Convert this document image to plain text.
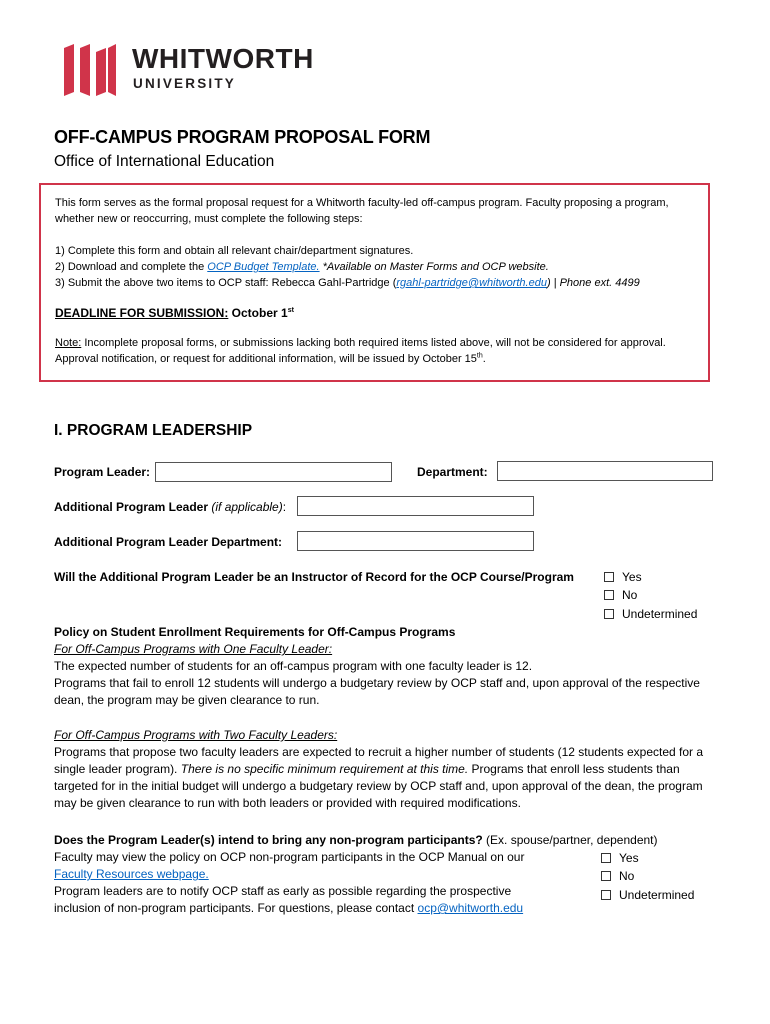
WHITWORTH
UNIVERSITY
OFF-CAMPUS PROGRAM PROPOSAL FORM
Office of International Education

This form serves as the formal proposal request for a Whitworth faculty-led off-campus program. Faculty proposing a program, whether new or reoccurring, must complete the following steps:

1) Complete this form and obtain all relevant chair/department signatures.

2) Download and complete the OCP Budget Template. *Available on Master Forms and OCP website.

3) Submit the above two items to OCP staff: Rebecca Gahl-Partridge (rgahl-partridge@whitworth.edu) | Phone ext. 4499

DEADLINE FOR SUBMISSION: October 1st

Note: Incomplete proposal forms, or submissions lacking both required items listed above, will not be considered for approval. Approval notification, or request for additional information, will be issued by October 15th.

I. PROGRAM LEADERSHIP
Program Leader:	Department:
Additional Program Leader (if applicable):
Additional Program Leader Department:
Will the Additional Program Leader be an Instructor of Record for the OCP Course/Program	Yes
No
Undetermined
Policy on Student Enrollment Requirements for Off-Campus Programs
For Off-Campus Programs with One Faculty Leader:
The expected number of students for an off-campus program with one faculty leader is 12.
Programs that fail to enroll 12 students will undergo a budgetary review by OCP staff and, upon approval of the respective dean, the program may be given clearance to run.
For Off-Campus Programs with Two Faculty Leaders:
Programs that propose two faculty leaders are expected to recruit a higher number of students (12 students expected for a single leader program). There is no specific minimum requirement at this time. Programs that enroll less students than targeted for in the initial budget will undergo a budgetary review by OCP staff and, upon approval of the dean, the program may be given clearance to run with both leaders or provided with required modifications.
Does the Program Leader(s) intend to bring any non-program participants? (Ex. spouse/partner, dependent)
Faculty may view the policy on OCP non-program participants in the OCP Manual on our
Faculty Resources webpage.
Program leaders are to notify OCP staff as early as possible regarding the prospective
inclusion of non-program participants. For questions, please contact ocp@whitworth.edu
Yes
No
Undetermined
